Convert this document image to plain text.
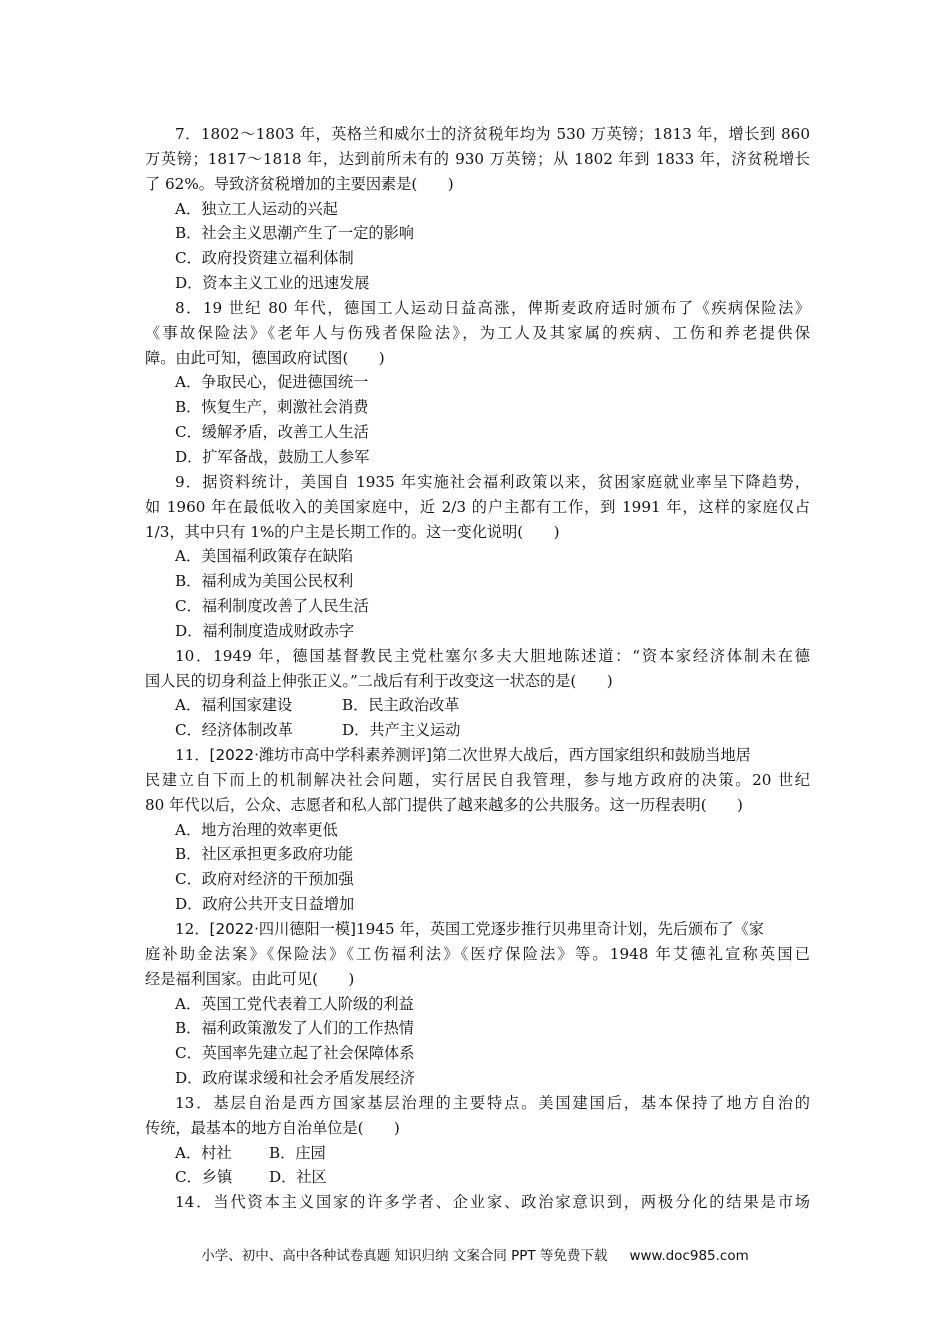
7．1802～1803 年，英格兰和威尔士的济贫税年均为 530 万英镑；1813 年，增长到 860
万英镑；1817～1818 年，达到前所未有的 930 万英镑；从 1802 年到 1833 年，济贫税增长
了 62%。导致济贫税增加的主要因素是(　　)
A．独立工人运动的兴起
B．社会主义思潮产生了一定的影响
C．政府投资建立福利体制
D．资本主义工业的迅速发展
8．19 世纪 80 年代，德国工人运动日益高涨，俾斯麦政府适时颁布了《疾病保险法》
《事故保险法》《老年人与伤残者保险法》，为工人及其家属的疾病、工伤和养老提供保
障。由此可知，德国政府试图(　　)
A．争取民心，促进德国统一
B．恢复生产，刺激社会消费
C．缓解矛盾，改善工人生活
D．扩军备战，鼓励工人参军
9．据资料统计，美国自 1935 年实施社会福利政策以来，贫困家庭就业率呈下降趋势，
如 1960 年在最低收入的美国家庭中，近 2/3 的户主都有工作，到 1991 年，这样的家庭仅占
1/3，其中只有 1%的户主是长期工作的。这一变化说明(　　)
A．美国福利政策存在缺陷
B．福利成为美国公民权利
C．福利制度改善了人民生活
D．福利制度造成财政赤字
10．1949 年，德国基督教民主党杜塞尔多夫大胆地陈述道：“资本家经济体制未在德
国人民的切身利益上伸张正义。”二战后有利于改变这一状态的是(　　)
A．福利国家建设	B．民主政治改革
C．经济体制改革	D．共产主义运动
11．[2022·潍坊市高中学科素养测评]第二次世界大战后，西方国家组织和鼓励当地居
民建立自下而上的机制解决社会问题，实行居民自我管理，参与地方政府的决策。20 世纪
80 年代以后，公众、志愿者和私人部门提供了越来越多的公共服务。这一历程表明(　　)
A．地方治理的效率更低
B．社区承担更多政府功能
C．政府对经济的干预加强
D．政府公共开支日益增加
12．[2022·四川德阳一模]1945 年，英国工党逐步推行贝弗里奇计划，先后颁布了《家
庭补助金法案》《保险法》《工伤福利法》《医疗保险法》等。1948 年艾德礼宣称英国已
经是福利国家。由此可见(　　)
A．英国工党代表着工人阶级的利益
B．福利政策激发了人们的工作热情
C．英国率先建立起了社会保障体系
D．政府谋求缓和社会矛盾发展经济
13．基层自治是西方国家基层治理的主要特点。美国建国后，基本保持了地方自治的
传统，最基本的地方自治单位是(　　)
A．村社 B．庄园
C．乡镇 D．社区
14．当代资本主义国家的许多学者、企业家、政治家意识到，两极分化的结果是市场
小学、初中、高中各种试卷真题 知识归纳 文案合同 PPT 等免费下载 www.doc985.com
